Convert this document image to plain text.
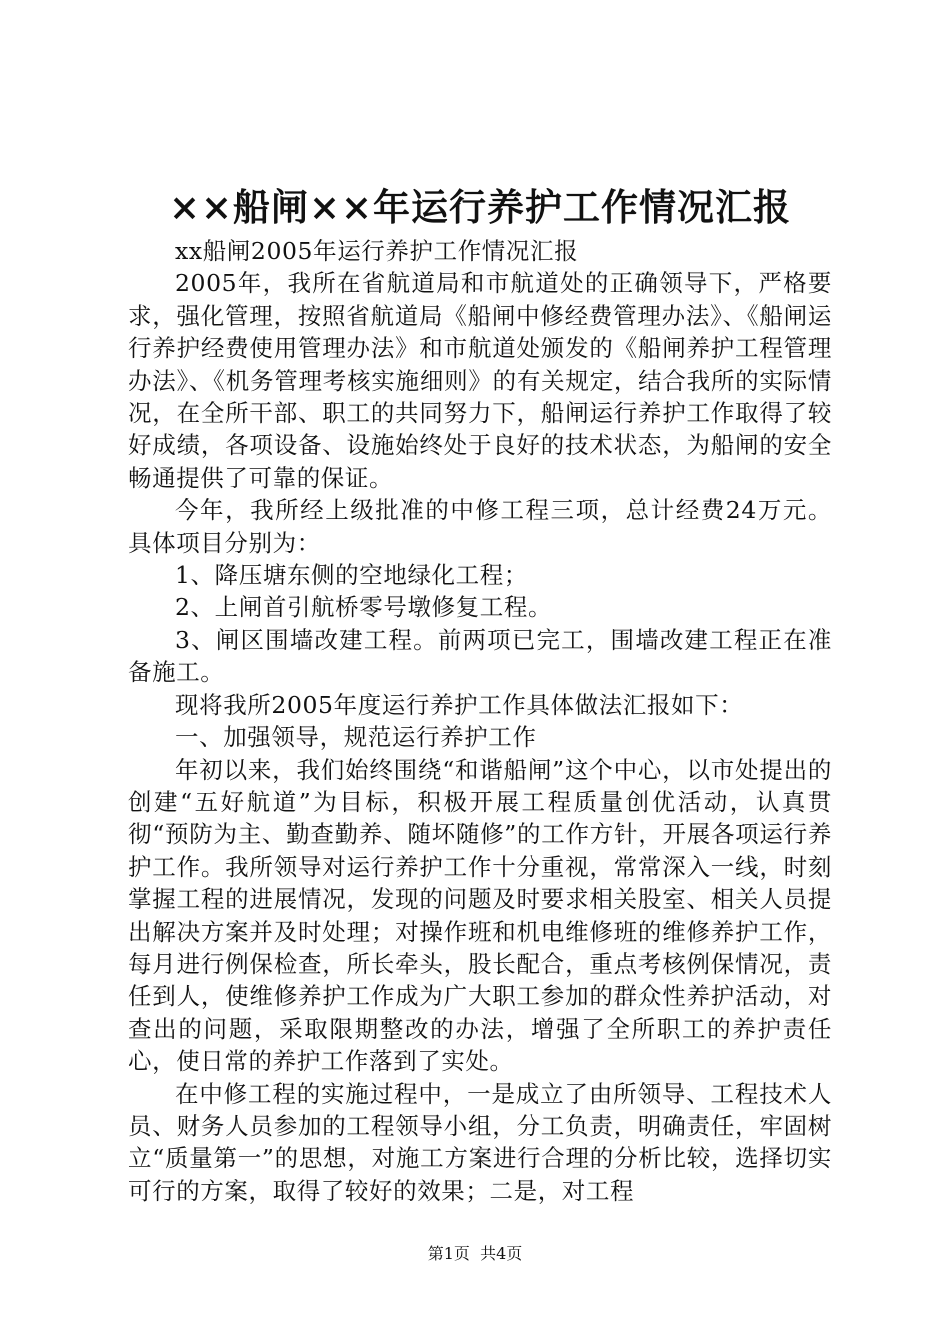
××船闸××年运行养护工作情况汇报

xx船闸2005年运行养护工作情况汇报

2005年，我所在省航道局和市航道处的正确领导下，严格要求，强化管理，按照省航道局《船闸中修经费管理办法》、《船闸运行养护经费使用管理办法》和市航道处颁发的《船闸养护工程管理办法》、《机务管理考核实施细则》的有关规定，结合我所的实际情况，在全所干部、职工的共同努力下，船闸运行养护工作取得了较好成绩，各项设备、设施始终处于良好的技术状态，为船闸的安全畅通提供了可靠的保证。

今年，我所经上级批准的中修工程三项，总计经费24万元。具体项目分别为：

1、降压塘东侧的空地绿化工程；

2、上闸首引航桥零号墩修复工程。

3、闸区围墙改建工程。前两项已完工，围墙改建工程正在准备施工。

现将我所2005年度运行养护工作具体做法汇报如下：

一、加强领导，规范运行养护工作

年初以来，我们始终围绕“和谐船闸”这个中心，以市处提出的创建“五好航道”为目标，积极开展工程质量创优活动，认真贯彻“预防为主、勤查勤养、随坏随修”的工作方针，开展各项运行养护工作。我所领导对运行养护工作十分重视，常常深入一线，时刻掌握工程的进展情况，发现的问题及时要求相关股室、相关人员提出解决方案并及时处理；对操作班和机电维修班的维修养护工作，每月进行例保检查，所长牵头，股长配合，重点考核例保情况，责任到人，使维修养护工作成为广大职工参加的群众性养护活动，对查出的问题，采取限期整改的办法，增强了全所职工的养护责任心，使日常的养护工作落到了实处。

在中修工程的实施过程中，一是成立了由所领导、工程技术人员、财务人员参加的工程领导小组，分工负责，明确责任，牢固树立“质量第一”的思想，对施工方案进行合理的分析比较，选择切实可行的方案，取得了较好的效果；二是，对工程

第1页 共4页
